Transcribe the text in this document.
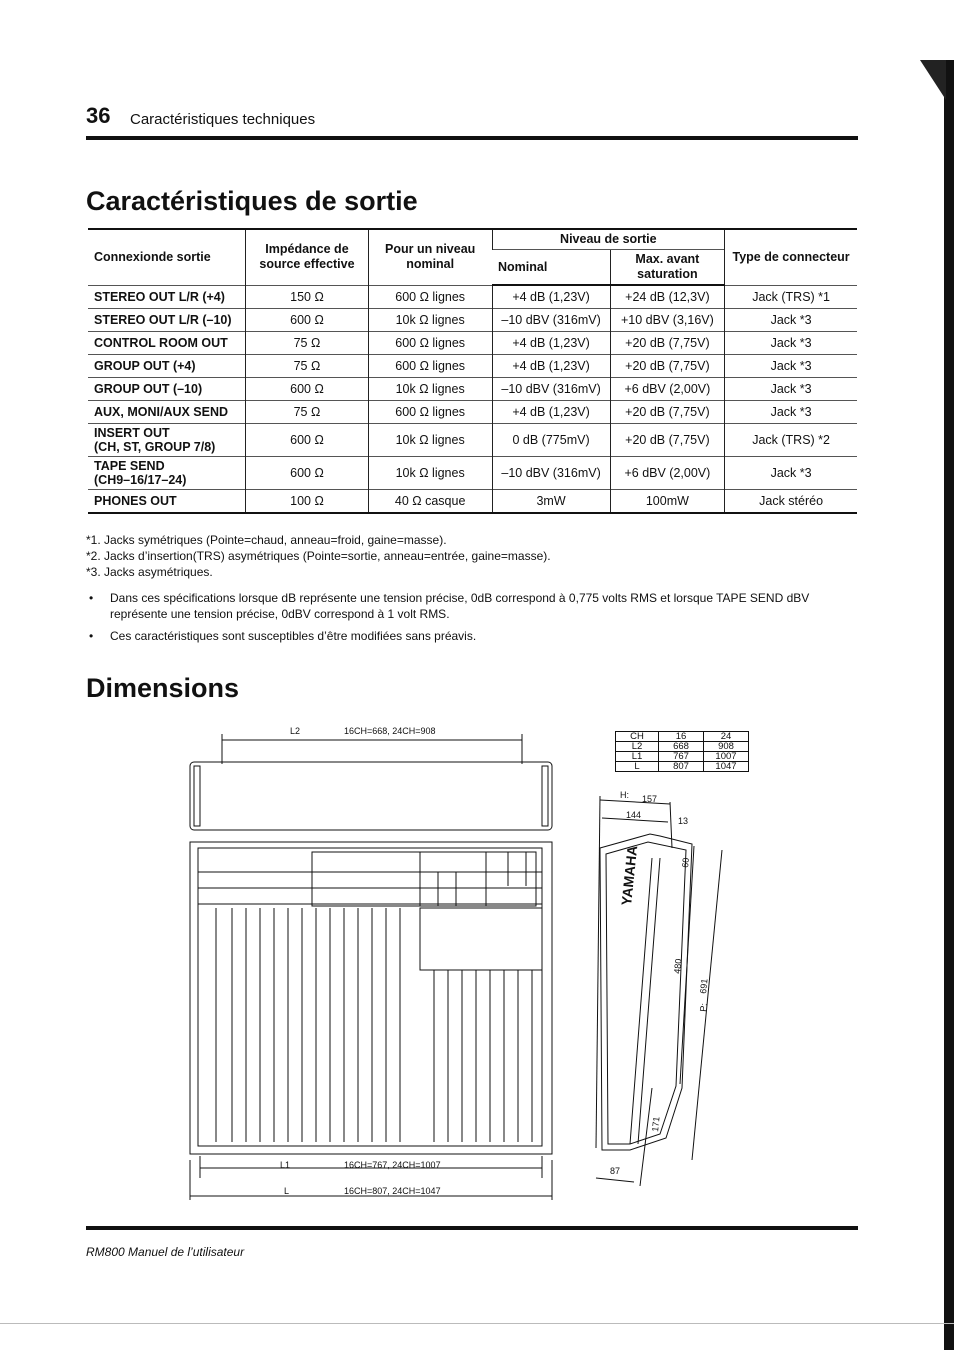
36 Caractéristiques techniques
Caractéristiques de sortie
Connexionde sortie	Impédance de source effective	Pour un niveau nominal	Niveau de sortie		Type de connecteur
			Nominal	Max. avant saturation	
STEREO OUT L/R (+4)	150 Ω	600 Ω lignes	+4 dB (1,23V)	+24 dB (12,3V)	Jack (TRS) *1
STEREO OUT L/R (–10)	600 Ω	10k Ω lignes	–10 dBV (316mV)	+10 dBV (3,16V)	Jack *3
CONTROL ROOM OUT	75 Ω	600 Ω lignes	+4 dB (1,23V)	+20 dB (7,75V)	Jack *3
GROUP OUT (+4)	75 Ω	600 Ω lignes	+4 dB (1,23V)	+20 dB (7,75V)	Jack *3
GROUP OUT (–10)	600 Ω	10k Ω lignes	–10 dBV (316mV)	+6 dBV (2,00V)	Jack *3
AUX, MONI/AUX SEND	75 Ω	600 Ω lignes	+4 dB (1,23V)	+20 dB (7,75V)	Jack *3
INSERT OUT
(CH, ST, GROUP 7/8)	600 Ω	10k Ω lignes	0 dB (775mV)	+20 dB (7,75V)	Jack (TRS) *2
TAPE SEND
(CH9–16/17–24)	600 Ω	10k Ω lignes	–10 dBV (316mV)	+6 dBV (2,00V)	Jack *3
PHONES OUT	100 Ω	40 Ω casque	3mW	100mW	Jack stéréo
*1. Jacks symétriques (Pointe=chaud, anneau=froid, gaine=masse).
*2. Jacks d’insertion(TRS) asymétriques (Pointe=sortie, anneau=entrée, gaine=masse).
*3. Jacks asymétriques.
• Dans ces spécifications lorsque dB représente une tension précise, 0dB correspond à 0,775 volts RMS et lorsque TAPE SEND dBV représente une tension précise, 0dBV correspond à 1 volt RMS.
• Ces caractéristiques sont susceptibles d’être modifiées sans préavis.
Dimensions
CH	16	24
L2	668	908
L1	767	1007
L	807	1047
L2	16CH=668, 24CH=908
L1	16CH=767, 24CH=1007
L	16CH=807, 24CH=1047
YAMAHA
H: 157
144
13
60
480
P:
691
171
87
RM800 Manuel de l’utilisateur
